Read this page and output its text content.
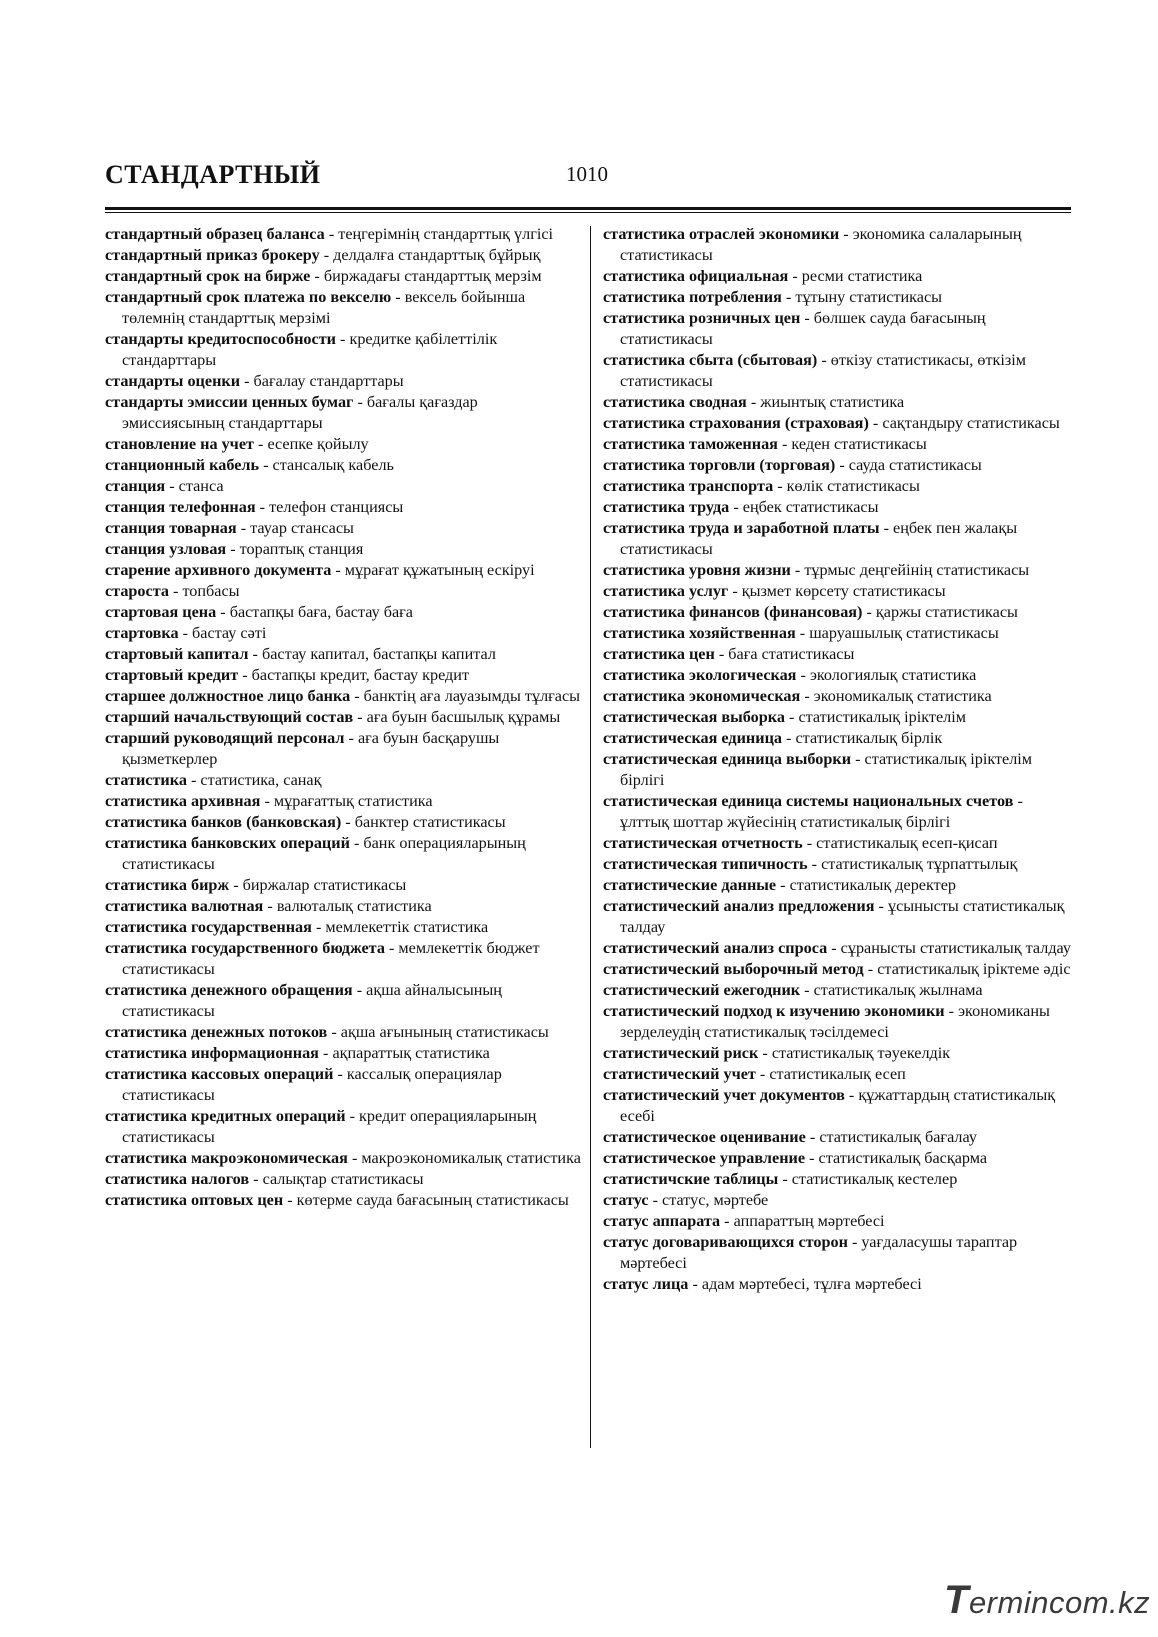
СТАНДАРТНЫЙ	1010

стандартный образец баланса - теңгерімнің стандарттық үлгісі

стандартный приказ брокеру - делдалға стандарттық бұйрық

стандартный срок на бирже - биржадағы стандарттық мерзім

стандартный срок платежа по векселю - вексель бойынша төлемнің стандарттық мерзімі

стандарты кредитоспособности - кредитке қабілеттілік стандарттары

стандарты оценки - бағалау стандарттары

стандарты эмиссии ценных бумаг - бағалы қағаздар эмиссиясының стандарттары

становление на учет - есепке қойылу

станционный кабель - стансалық кабель

станция - станса

станция телефонная - телефон станциясы

станция товарная - тауар стансасы

станция узловая - тораптық станция

старение архивного документа - мұрағат құжатының ескіруі

староста - топбасы

стартовая цена - бастапқы баға, бастау баға

стартовка - бастау сәті

стартовый капитал - бастау капитал, бастапқы капитал

стартовый кредит - бастапқы кредит, бастау кредит

старшее должностное лицо банка - банктің аға лауазымды тұлғасы

старший начальствующий состав - аға буын басшылық құрамы

старший руководящий персонал - аға буын басқарушы қызметкерлер

статистика - статистика, санақ

статистика архивная - мұрағаттық статистика

статистика банков (банковская) - банктер статистикасы

статистика банковских операций - банк операцияларының статистикасы

статистика бирж - биржалар статистикасы

статистика валютная - валюталық статистика

статистика государственная - мемлекеттік статистика

статистика государственного бюджета - мемлекеттік бюджет статистикасы

статистика денежного обращения - ақша айналысының статистикасы

статистика денежных потоков - ақша ағынының статистикасы

статистика информационная - ақпараттық статистика

статистика кассовых операций - кассалық операциялар статистикасы

статистика кредитных операций - кредит операцияларының статистикасы

статистика макроэкономическая - макроэкономикалық статистика

статистика налогов - салықтар статистикасы

статистика оптовых цен - көтерме сауда бағасының статистикасы

статистика отраслей экономики - экономика салаларының статистикасы

статистика официальная - ресми статистика

статистика потребления - тұтыну статистикасы

статистика розничных цен - бөлшек сауда бағасының статистикасы

статистика сбыта (сбытовая) - өткізу статистикасы, өткізім статистикасы

статистика сводная - жиынтық статистика

статистика страхования (страховая) - сақтандыру статистикасы

статистика таможенная - кеден статистикасы

статистика торговли (торговая) - сауда статистикасы

статистика транспорта - көлік статистикасы

статистика труда - еңбек статистикасы

статистика труда и заработной платы - еңбек пен жалақы статистикасы

статистика уровня жизни - тұрмыс деңгейінің статистикасы

статистика услуг - қызмет көрсету статистикасы

статистика финансов (финансовая) - қаржы статистикасы

статистика хозяйственная - шаруашылық статистикасы

статистика цен - баға статистикасы

статистика экологическая - экологиялық статистика

статистика экономическая - экономикалық статистика

статистическая выборка - статистикалық іріктелім

статистическая единица - статистикалық бірлік

статистическая единица выборки - статистикалық іріктелім бірлігі

статистическая единица системы национальных счетов - ұлттық шоттар жүйесінің статистикалық бірлігі

статистическая отчетность - статистикалық есеп-қисап

статистическая типичность - статистикалық тұрпаттылық

статистические данные - статистикалық деректер

статистический анализ предложения - ұсынысты статистикалық талдау

статистический анализ спроса - сұранысты статистикалық талдау

статистический выборочный метод - статистикалық іріктеме әдіс

статистический ежегодник - статистикалық жылнама

статистический подход к изучению экономики - экономиканы зерделеудің статистикалық тәсілдемесі

статистический риск - статистикалық тәуекелдік

статистический учет - статистикалық есеп

статистический учет документов - құжаттардың статистикалық есебі

статистическое оценивание - статистикалық бағалау

статистическое управление - статистикалық басқарма

статистичские таблицы - статистикалық кестелер

статус - статус, мәртебе

статус аппарата - аппараттың мәртебесі

статус договаривающихся сторон - уағдаласушы тараптар мәртебесі

статус лица - адам мәртебесі, тұлға мәртебесі

Termincom.kz
